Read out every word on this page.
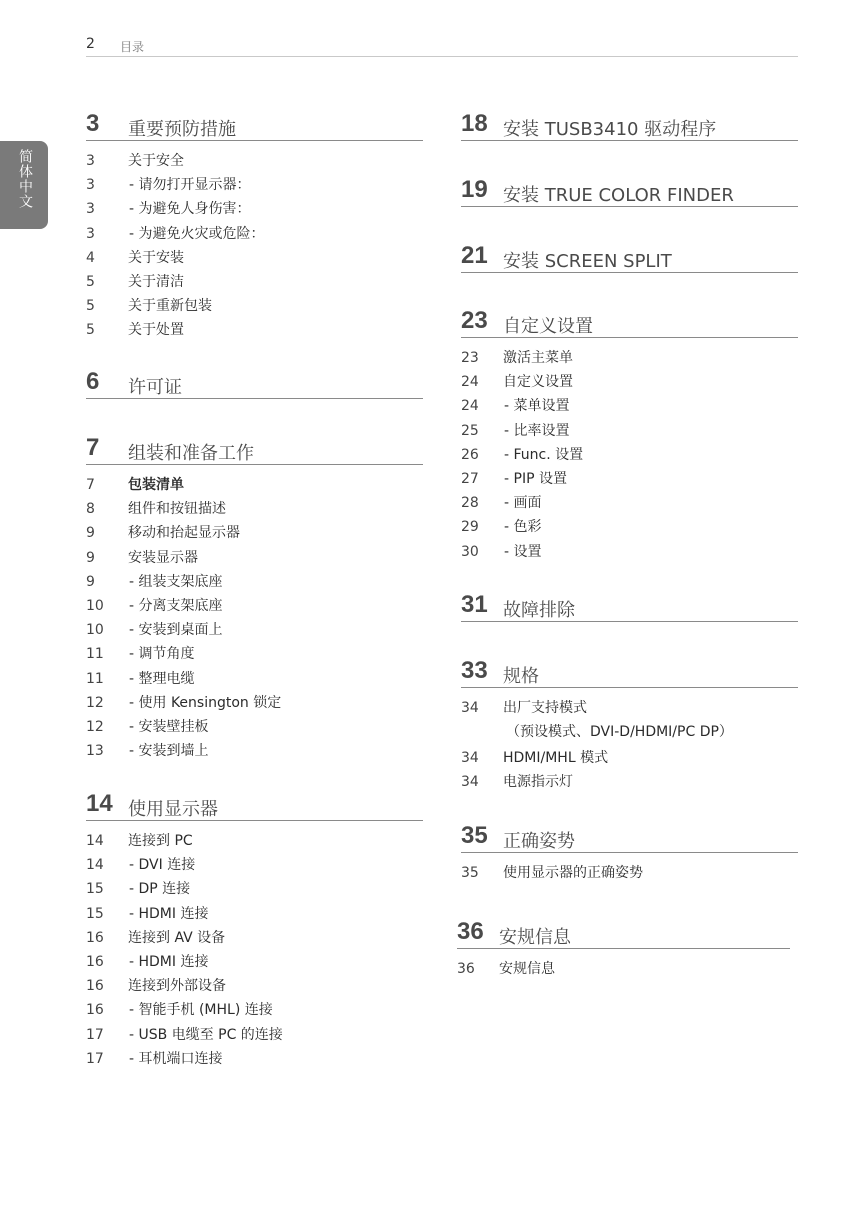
2 目录
简体中文
3 重要预防措施
3	关于安全
3	- 请勿打开显示器：
3	- 为避免人身伤害：
3	- 为避免火灾或危险：
4	关于安装
5	关于清洁
5	关于重新包装
5	关于处置
6 许可证
7 组装和准备工作
7	包装清单
8	组件和按钮描述
9	移动和抬起显示器
9	安装显示器
9	- 组装支架底座
10	- 分离支架底座
10	- 安装到桌面上
11	- 调节角度
11	- 整理电缆
12	- 使用 Kensington 锁定
12	- 安装壁挂板
13	- 安装到墙上
14 使用显示器
14	连接到 PC
14	- DVI 连接
15	- DP 连接
15	- HDMI 连接
16	连接到 AV 设备
16	- HDMI 连接
16	连接到外部设备
16	- 智能手机 (MHL) 连接
17	- USB 电缆至 PC 的连接
17	- 耳机端口连接
18 安装 TUSB3410 驱动程序
19 安装 TRUE COLOR FINDER
21 安装 SCREEN SPLIT
23 自定义设置
23	激活主菜单
24	自定义设置
24	- 菜单设置
25	- 比率设置
26	- Func. 设置
27	- PIP 设置
28	- 画面
29	- 色彩
30	- 设置
31 故障排除
33 规格
34	出厂支持模式
（预设模式、DVI-D/HDMI/PC DP）
34	HDMI/MHL 模式
34	电源指示灯
35 正确姿势
35	使用显示器的正确姿势
36 安规信息
36	安规信息
